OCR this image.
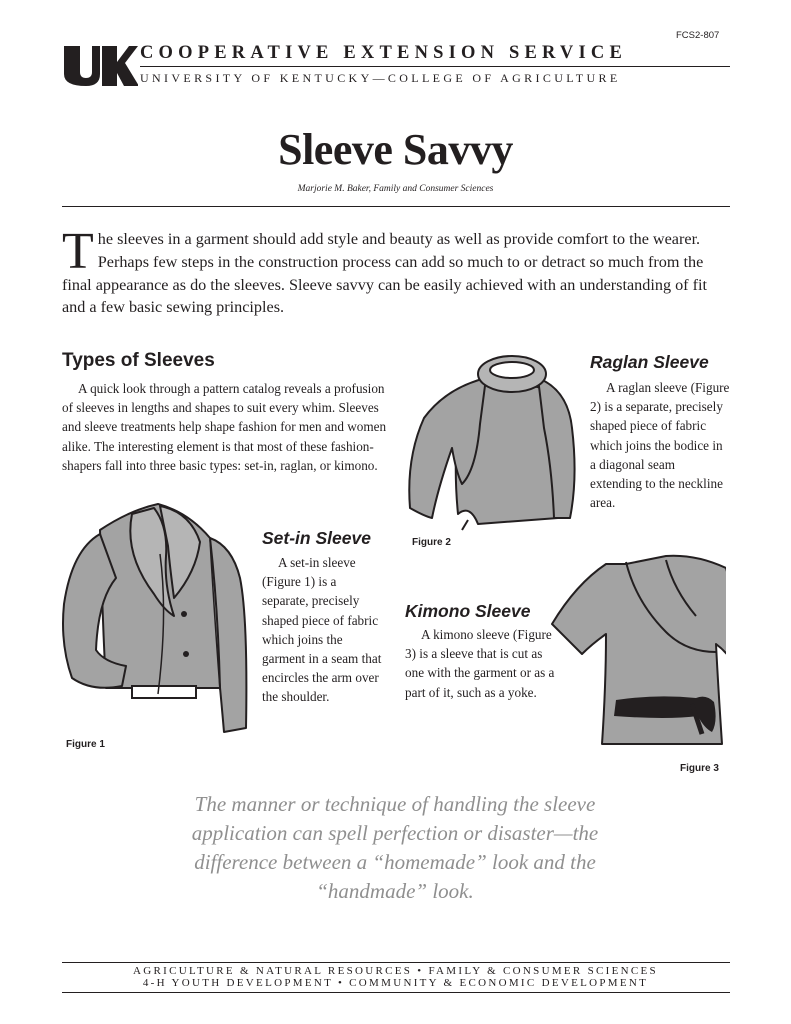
FCS2-807
COOPERATIVE EXTENSION SERVICE
UNIVERSITY OF KENTUCKY—COLLEGE OF AGRICULTURE
Sleeve Savvy
Marjorie M. Baker, Family and Consumer Sciences

The sleeves in a garment should add style and beauty as well as provide comfort to the wearer. Perhaps few steps in the construction process can add so much to or detract so much from the final appearance as do the sleeves. Sleeve savvy can be easily achieved with an understanding of fit and a few basic sewing principles.

Types of Sleeves

A quick look through a pattern catalog reveals a profusion of sleeves in lengths and shapes to suit every whim. Sleeves and sleeve treatments help shape fashion for men and women alike. The interesting element is that most of these fashion-shapers fall into three basic types: set-in, raglan, or kimono.

Raglan Sleeve

A raglan sleeve (Figure 2) is a separate, precisely shaped piece of fabric which joins the bodice in a diagonal seam extending to the neckline area.

Set-in Sleeve

A set-in sleeve (Figure 1) is a separate, precisely shaped piece of fabric which joins the garment in a seam that encircles the arm over the shoulder.

Kimono Sleeve

A kimono sleeve (Figure 3) is a sleeve that is cut as one with the garment or as a part of it, such as a yoke.

Figure 1
Figure 2
Figure 3
The manner or technique of handling the sleeve application can spell perfection or disaster—the difference between a “homemade” look and the “handmade” look.
AGRICULTURE & NATURAL RESOURCES • FAMILY & CONSUMER SCIENCES
4-H YOUTH DEVELOPMENT • COMMUNITY & ECONOMIC DEVELOPMENT
